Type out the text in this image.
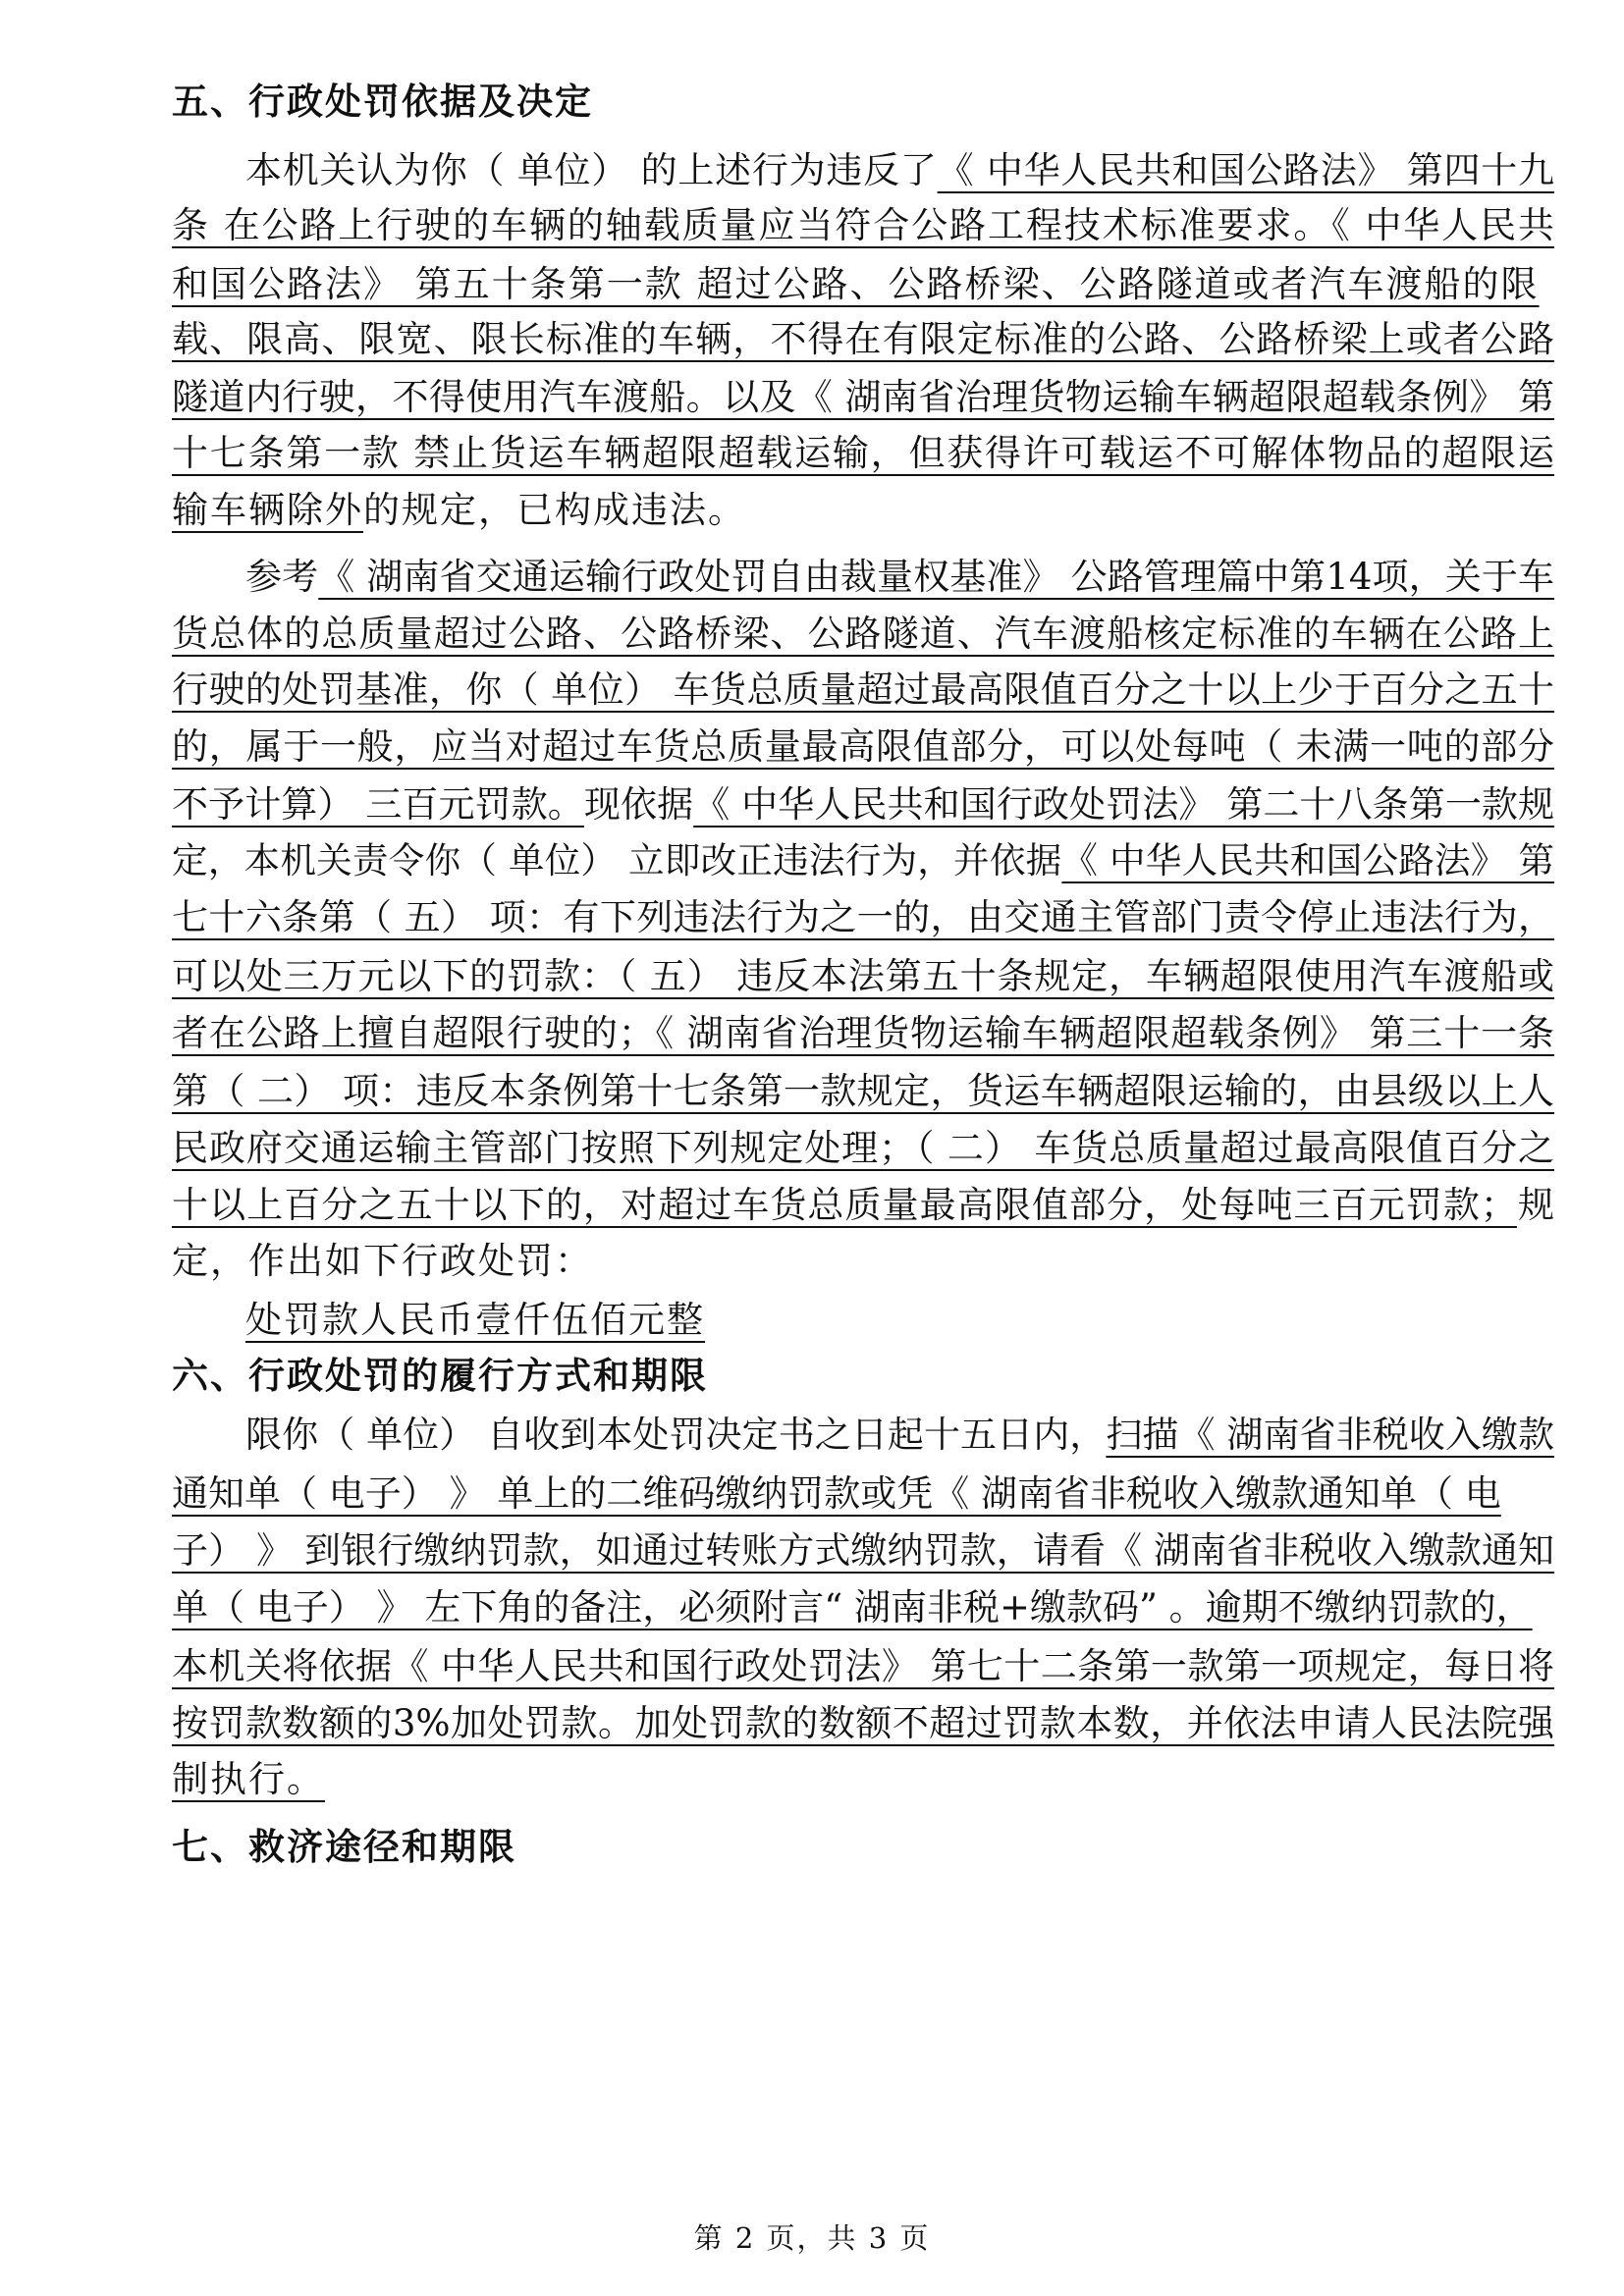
五、行政处罚依据及决定
本机关认为你（ 单位） 的上述行为违反了《 中华人民共和国公路法》 第四十九
条 在公路上行驶的车辆的轴载质量应当符合公路工程技术标准要求。《 中华人民共
和国公路法》 第五十条第一款 超过公路、公路桥梁、公路隧道或者汽车渡船的限
载、限高、限宽、限长标准的车辆，不得在有限定标准的公路、公路桥梁上或者公路
隧道内行驶，不得使用汽车渡船。以及《 湖南省治理货物运输车辆超限超载条例》 第
十七条第一款 禁止货运车辆超限超载运输，但获得许可载运不可解体物品的超限运
输车辆除外的规定，已构成违法。
参考《 湖南省交通运输行政处罚自由裁量权基准》 公路管理篇中第14项，关于车
货总体的总质量超过公路、公路桥梁、公路隧道、汽车渡船核定标准的车辆在公路上
行驶的处罚基准，你（ 单位） 车货总质量超过最高限值百分之十以上少于百分之五十
的，属于一般，应当对超过车货总质量最高限值部分，可以处每吨（ 未满一吨的部分
不予计算） 三百元罚款。现依据《 中华人民共和国行政处罚法》 第二十八条第一款规
定，本机关责令你（ 单位） 立即改正违法行为，并依据《 中华人民共和国公路法》 第
七十六条第（ 五） 项：有下列违法行为之一的，由交通主管部门责令停止违法行为，
可以处三万元以下的罚款：（ 五） 违反本法第五十条规定，车辆超限使用汽车渡船或
者在公路上擅自超限行驶的；《 湖南省治理货物运输车辆超限超载条例》 第三十一条
第（ 二） 项：违反本条例第十七条第一款规定，货运车辆超限运输的，由县级以上人
民政府交通运输主管部门按照下列规定处理；（ 二） 车货总质量超过最高限值百分之
十以上百分之五十以下的，对超过车货总质量最高限值部分，处每吨三百元罚款；规
定，作出如下行政处罚：
处罚款人民币壹仟伍佰元整
六、行政处罚的履行方式和期限
限你（ 单位） 自收到本处罚决定书之日起十五日内，扫描《 湖南省非税收入缴款
通知单（ 电子） 》 单上的二维码缴纳罚款或凭《 湖南省非税收入缴款通知单（ 电
子） 》 到银行缴纳罚款，如通过转账方式缴纳罚款，请看《 湖南省非税收入缴款通知
单（ 电子） 》 左下角的备注，必须附言“ 湖南非税+缴款码” 。逾期不缴纳罚款的，
本机关将依据《 中华人民共和国行政处罚法》 第七十二条第一款第一项规定，每日将
按罚款数额的3%加处罚款。加处罚款的数额不超过罚款本数，并依法申请人民法院强
制执行。
七、救济途径和期限
第 2 页，共 3 页
